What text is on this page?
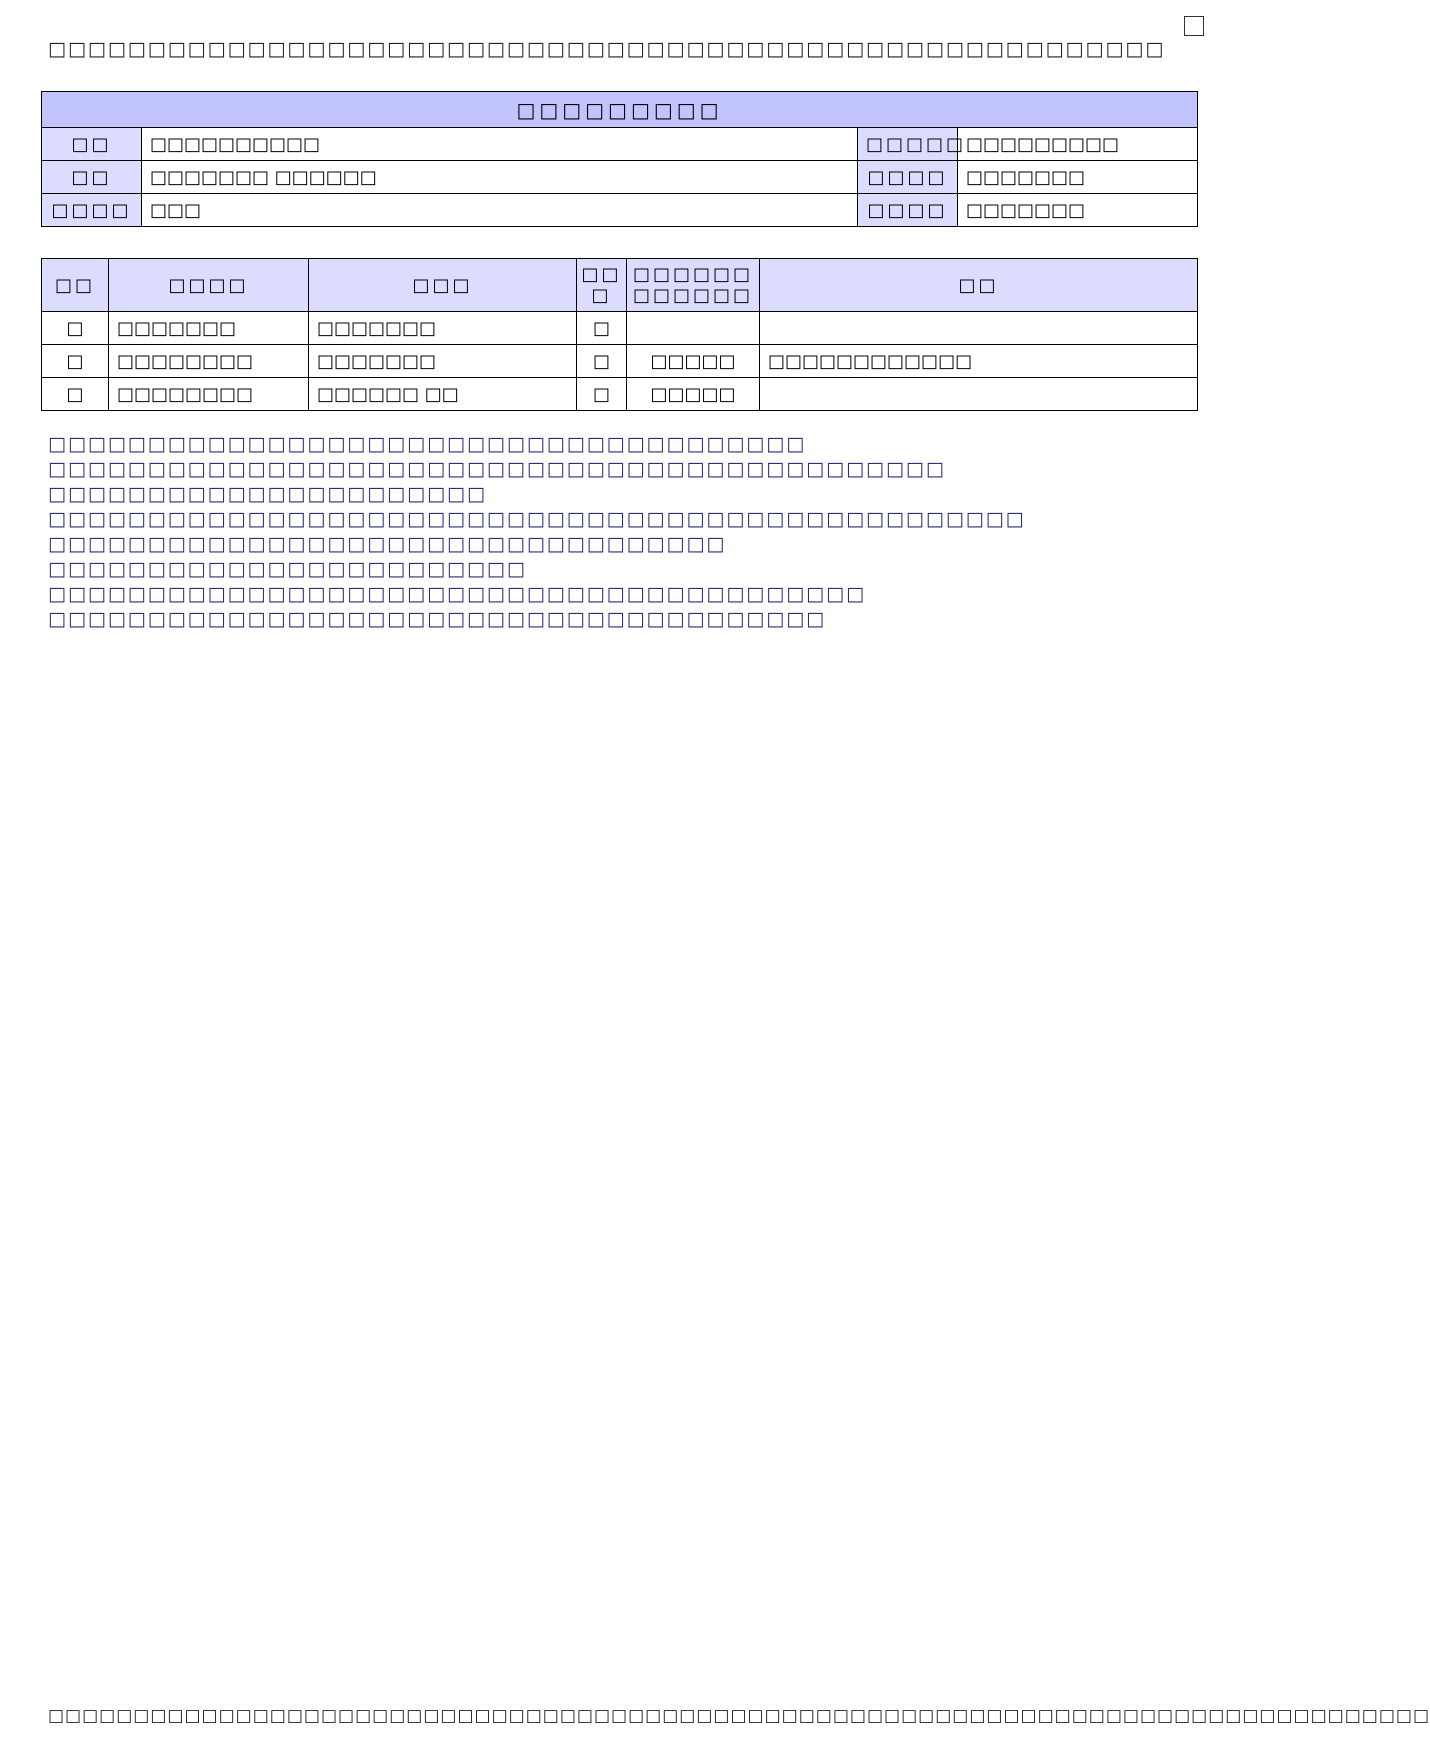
□□□□□□□□□□□□□□□□□□□□□□□□□□□□□□□□□□□□□□□□□□□□□□□□□□□□□□□□
□□□□□□□□□			
□□	□□□□□□□□□□	□□□□□	□□□□□□□□□
□□	□□□□□□□ □□□□□□	□□□□	□□□□□□□
□□□□	□□□	□□□□	□□□□□□□
□□	□□□□	□□□	□□ □	□□□□□□ □□□□□□	□□
□	□□□□□□□	□□□□□□□	□		
□	□□□□□□□□	□□□□□□□	□	□□□□□	□□□□□□□□□□□□
□	□□□□□□□□	□□□□□□ □□	□	□□□□□	
□□□□□□□□□□□□□□□□□□□□□□□□□□□□□□□□□□□□□□
□□□□□□□□□□□□□□□□□□□□□□□□□□□□□□□□□□□□□□□□□□□□□
□□□□□□□□□□□□□□□□□□□□□□
□□□□□□□□□□□□□□□□□□□□□□□□□□□□□□□□□□□□□□□□□□□□□□□□□
□□□□□□□□□□□□□□□□□□□□□□□□□□□□□□□□□□
□□□□□□□□□□□□□□□□□□□□□□□□
□□□□□□□□□□□□□□□□□□□□□□□□□□□□□□□□□□□□□□□□□
□□□□□□□□□□□□□□□□□□□□□□□□□□□□□□□□□□□□□□□
□□□□□□□□□□□□□□□□□□□□□□□□□□□□□□□□□□□□□□□□□□□□□□□□□□□□□□□□□□□□□□□□□□□□□□□□□□□□□□□□□
